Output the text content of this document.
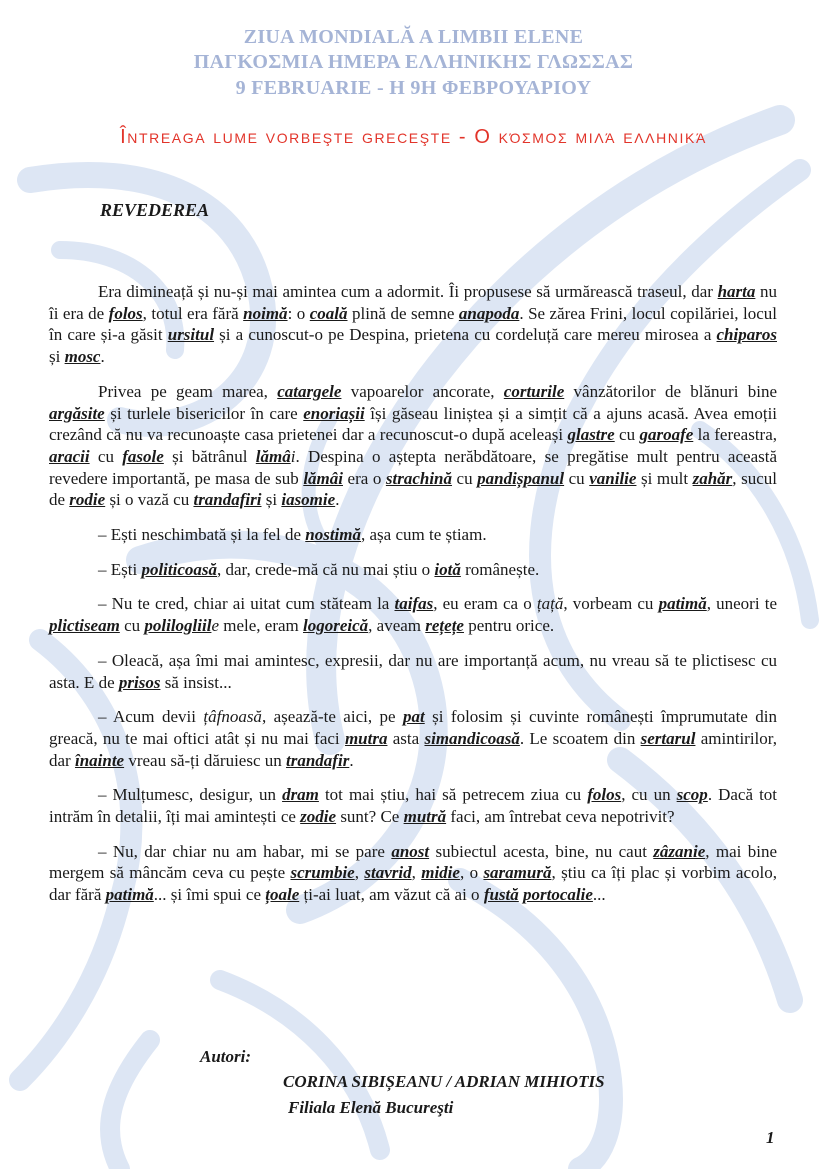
ZIUA MONDIALĂ A LIMBII ELENE
ΠΑΓΚΟΣΜΙΑ ΗΜΕΡΑ ΕΛΛΗΝΙΚΗΣ ΓΛΩΣΣΑΣ
9 FEBRUARIE - Η 9Η ΦΕΒΡΟΥΑΡΙΟΥ
Întreaga lume vorbeşte greceşte - Ο κόσμος μιλά ελληνικά
REVEDEREA

Era dimineață și nu-și mai amintea cum a adormit. Îi propusese să urmărească traseul, dar harta nu îi era de folos, totul era fără noimă: o coală plină de semne anapoda. Se zărea Frini, locul copilăriei, locul în care și-a găsit ursitul și a cunoscut-o pe Despina, prietena cu cordeluță care mereu mirosea a chiparos și mosc.

Privea pe geam marea, catargele vapoarelor ancorate, corturile vânzătorilor de blănuri bine argăsite și turlele bisericilor în care enoriașii își găseau liniștea și a simțit că a ajuns acasă. Avea emoții crezând că nu va recunoaște casa prietenei dar a recunoscut-o după aceleași glastre cu garoafe la fereastra, aracii cu fasole și bătrânul lămâi. Despina o aștepta nerăbdătoare, se pregătise mult pentru această revedere importantă, pe masa de sub lămâi era o strachină cu pandișpanul cu vanilie și mult zahăr, sucul de rodie și o vază cu trandafiri și iasomie.

– Ești neschimbată și la fel de nostimă, așa cum te știam.

– Ești politicoasă, dar, crede-mă că nu mai știu o iotă românește.

– Nu te cred, chiar ai uitat cum stăteam la taifas, eu eram ca o țață, vorbeam cu patimă, uneori te plictiseam cu polilogliile mele, eram logoreică, aveam rețețe pentru orice.

– Oleacă, așa îmi mai amintesc, expresii, dar nu are importanță acum, nu vreau să te plictisesc cu asta. E de prisos să insist...

– Acum devii țâfnoasă, așează-te aici, pe pat și folosim și cuvinte românești împrumutate din greacă, nu te mai oftici atât și nu mai faci mutra asta simandicoasă. Le scoatem din sertarul amintirilor, dar înainte vreau să-ți dăruiesc un trandafir.

– Mulțumesc, desigur, un dram tot mai știu, hai să petrecem ziua cu folos, cu un scop. Dacă tot intrăm în detalii, îți mai amintești ce zodie sunt? Ce mutră faci, am întrebat ceva nepotrivit?

– Nu, dar chiar nu am habar, mi se pare anost subiectul acesta, bine, nu caut zâzanie, mai bine mergem să mâncăm ceva cu pește scrumbie, stavrid, midie, o saramură, știu ca îți plac și vorbim acolo, dar fără patimă... și îmi spui ce țoale ți-ai luat, am văzut că ai o fustă portocalie...

Autori:
CORINA SIBIȘEANU / ADRIAN MIHIOTIS
Filiala Elenă Bucureşti
1
